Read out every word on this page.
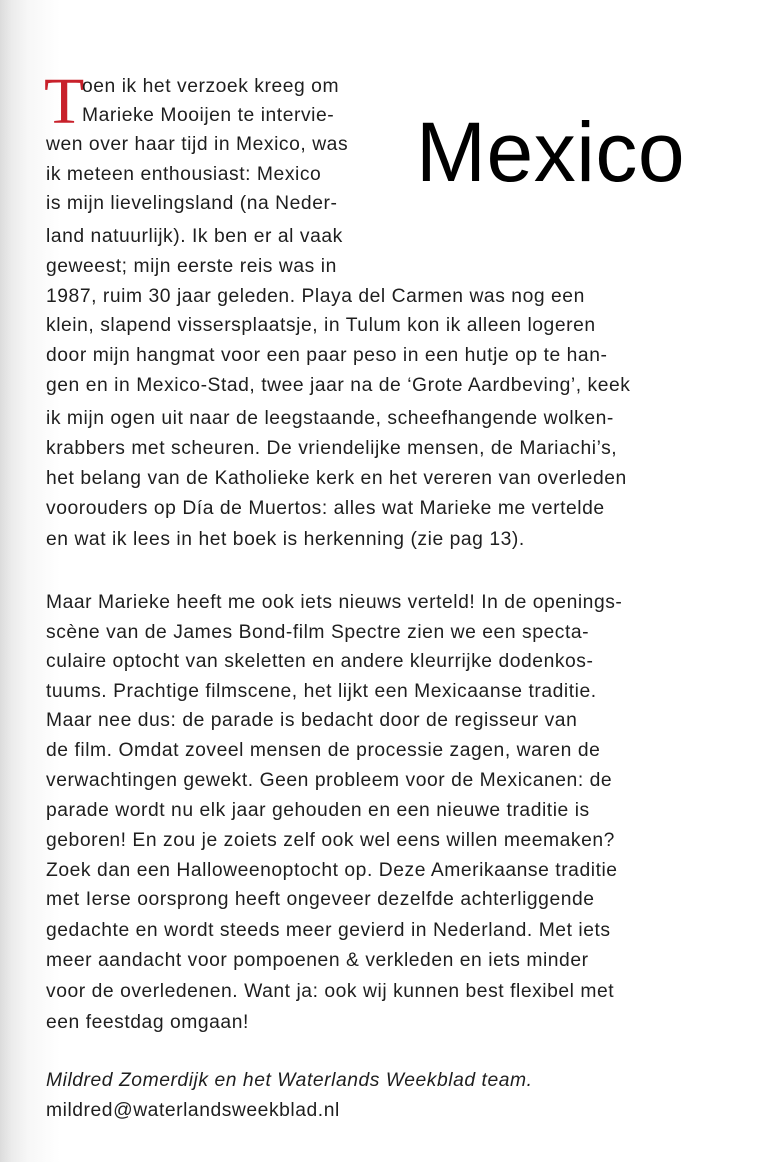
T
Mexico

oen ik het verzoek kreeg om

Marieke Mooijen te intervie-

wen over haar tijd in Mexico, was

ik meteen enthousiast: Mexico

is mijn lievelingsland (na Neder-

land natuurlijk). Ik ben er al vaak

geweest; mijn eerste reis was in

1987, ruim 30 jaar geleden. Playa del Carmen was nog een

klein, slapend vissersplaatsje, in Tulum kon ik alleen logeren

door mijn hangmat voor een paar peso in een hutje op te han-

gen en in Mexico-Stad, twee jaar na de ‘Grote Aardbeving’, keek

ik mijn ogen uit naar de leegstaande, scheefhangende wolken-

krabbers met scheuren. De vriendelijke mensen, de Mariachi’s,

het belang van de Katholieke kerk en het vereren van overleden

voorouders op Día de Muertos: alles wat Marieke me vertelde

en wat ik lees in het boek is herkenning (zie pag 13).

Maar Marieke heeft me ook iets nieuws verteld! In de openings-

scène van de James Bond-film Spectre zien we een specta-

culaire optocht van skeletten en andere kleurrijke dodenkos-

tuums. Prachtige filmscene, het lijkt een Mexicaanse traditie.

Maar nee dus: de parade is bedacht door de regisseur van

de film. Omdat zoveel mensen de processie zagen, waren de

verwachtingen gewekt. Geen probleem voor de Mexicanen: de

parade wordt nu elk jaar gehouden en een nieuwe traditie is

geboren! En zou je zoiets zelf ook wel eens willen meemaken?

Zoek dan een Halloweenoptocht op. Deze Amerikaanse traditie

met Ierse oorsprong heeft ongeveer dezelfde achterliggende

gedachte en wordt steeds meer gevierd in Nederland. Met iets

meer aandacht voor pompoenen & verkleden en iets minder

voor de overledenen. Want ja: ook wij kunnen best flexibel met

een feestdag omgaan!

Mildred Zomerdijk en het Waterlands Weekblad team.

mildred@waterlandsweekblad.nl
